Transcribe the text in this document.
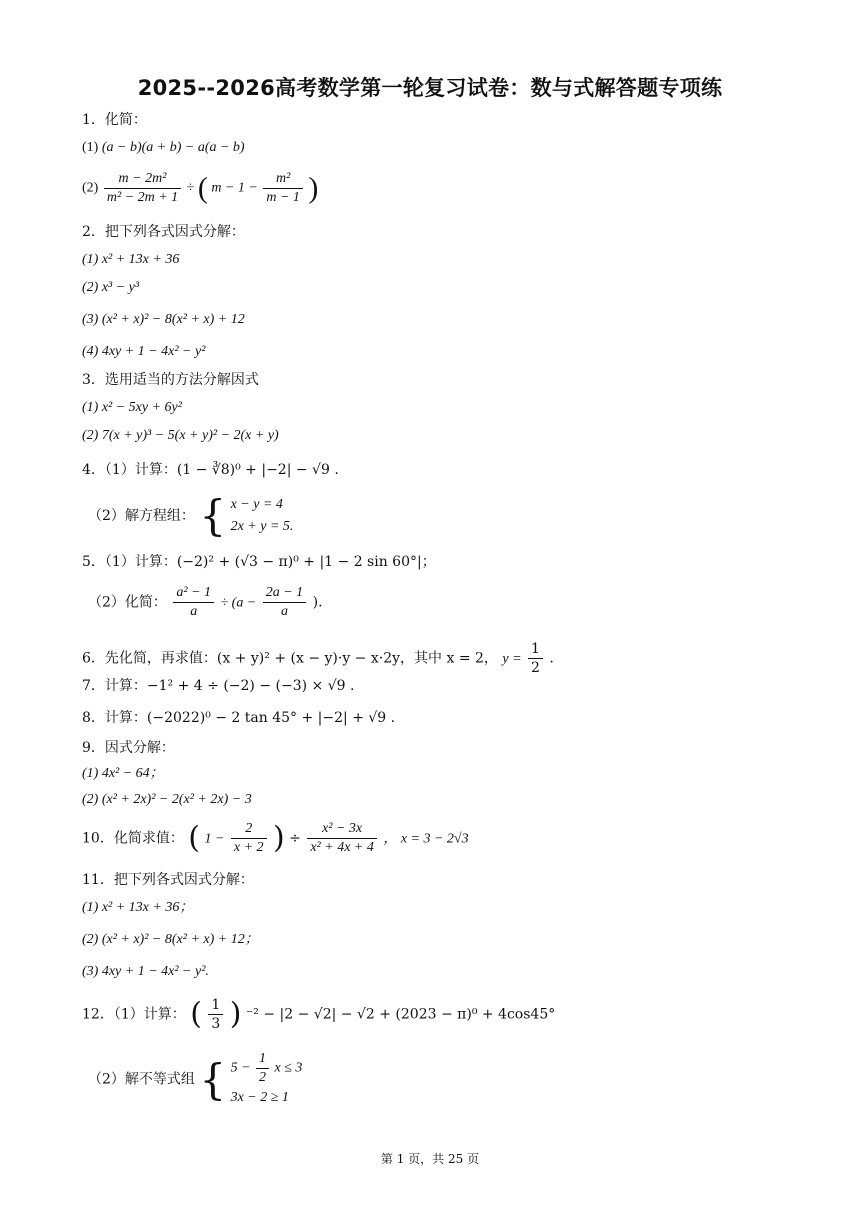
2025--2026高考数学第一轮复习试卷：数与式解答题专项练
1．化简：
(1) (a − b)(a + b) − a(a − b)
$(2) \frac{\text{m − 2m²}}{\text{m² − 2m + 1}}$ ÷ ( $m - 1 - \frac{\text{m²}}{m - 1}$ )
2．把下列各式因式分解：
(1) x² + 13x + 36
(2) x³ − y³
(3) (x² + x)² − 8(x² + x) + 12
(4) 4xy + 1 − 4x² − y²
3．选用适当的方法分解因式
(1) x² − 5xy + 6y²
(2) 7(x + y)³ − 5(x + y)² − 2(x + y)
4．（1）计算：(1 − ∛8)⁰ + |−2| − √9 .
（2）解方程组： { x − y = 4
2x + y = 5.
5．（1）计算：(−2)² + (√3 − π)⁰ + |1 − 2 sin 60°|；
（2）化简： $\frac{\text{a² − 1}}{a} \div (a - \frac{2a - 1}{a}$ ).
6．先化简，再求值：(x + y)² + (x − y)·y − x·2y，其中 x = 2， $y = \frac{1}{2}$ .
7．计算：−1² + 4 ÷ (−2) − (−3) × √9 .
8．计算：(−2022)⁰ − 2 tan 45° + |−2| + √9 .
9．因式分解：
(1) 4x² − 64；
(2) (x² + 2x)² − 2(x² + 2x) − 3
10．化简求值： ( $1 - \frac{2}{x + 2}$ ) ÷ $\frac{\text{x² − 3x}}{\text{x² + 4x + 4}}$ ， x = 3 − 2√3
11．把下列各式因式分解：
(1) x² + 13x + 36；
(2) (x² + x)² − 8(x² + x) + 12；
(3) 4xy + 1 − 4x² − y².
12．（1）计算： ( $\frac{1}{3}$ ) ⁻² − |2 − √2| − √2 + (2023 − π)⁰ + 4cos45°
（2）解不等式组 { $5 - \frac{1}{2}$ x ≤ 3
3x − 2 ≥ 1
第 1 页，共 25 页
